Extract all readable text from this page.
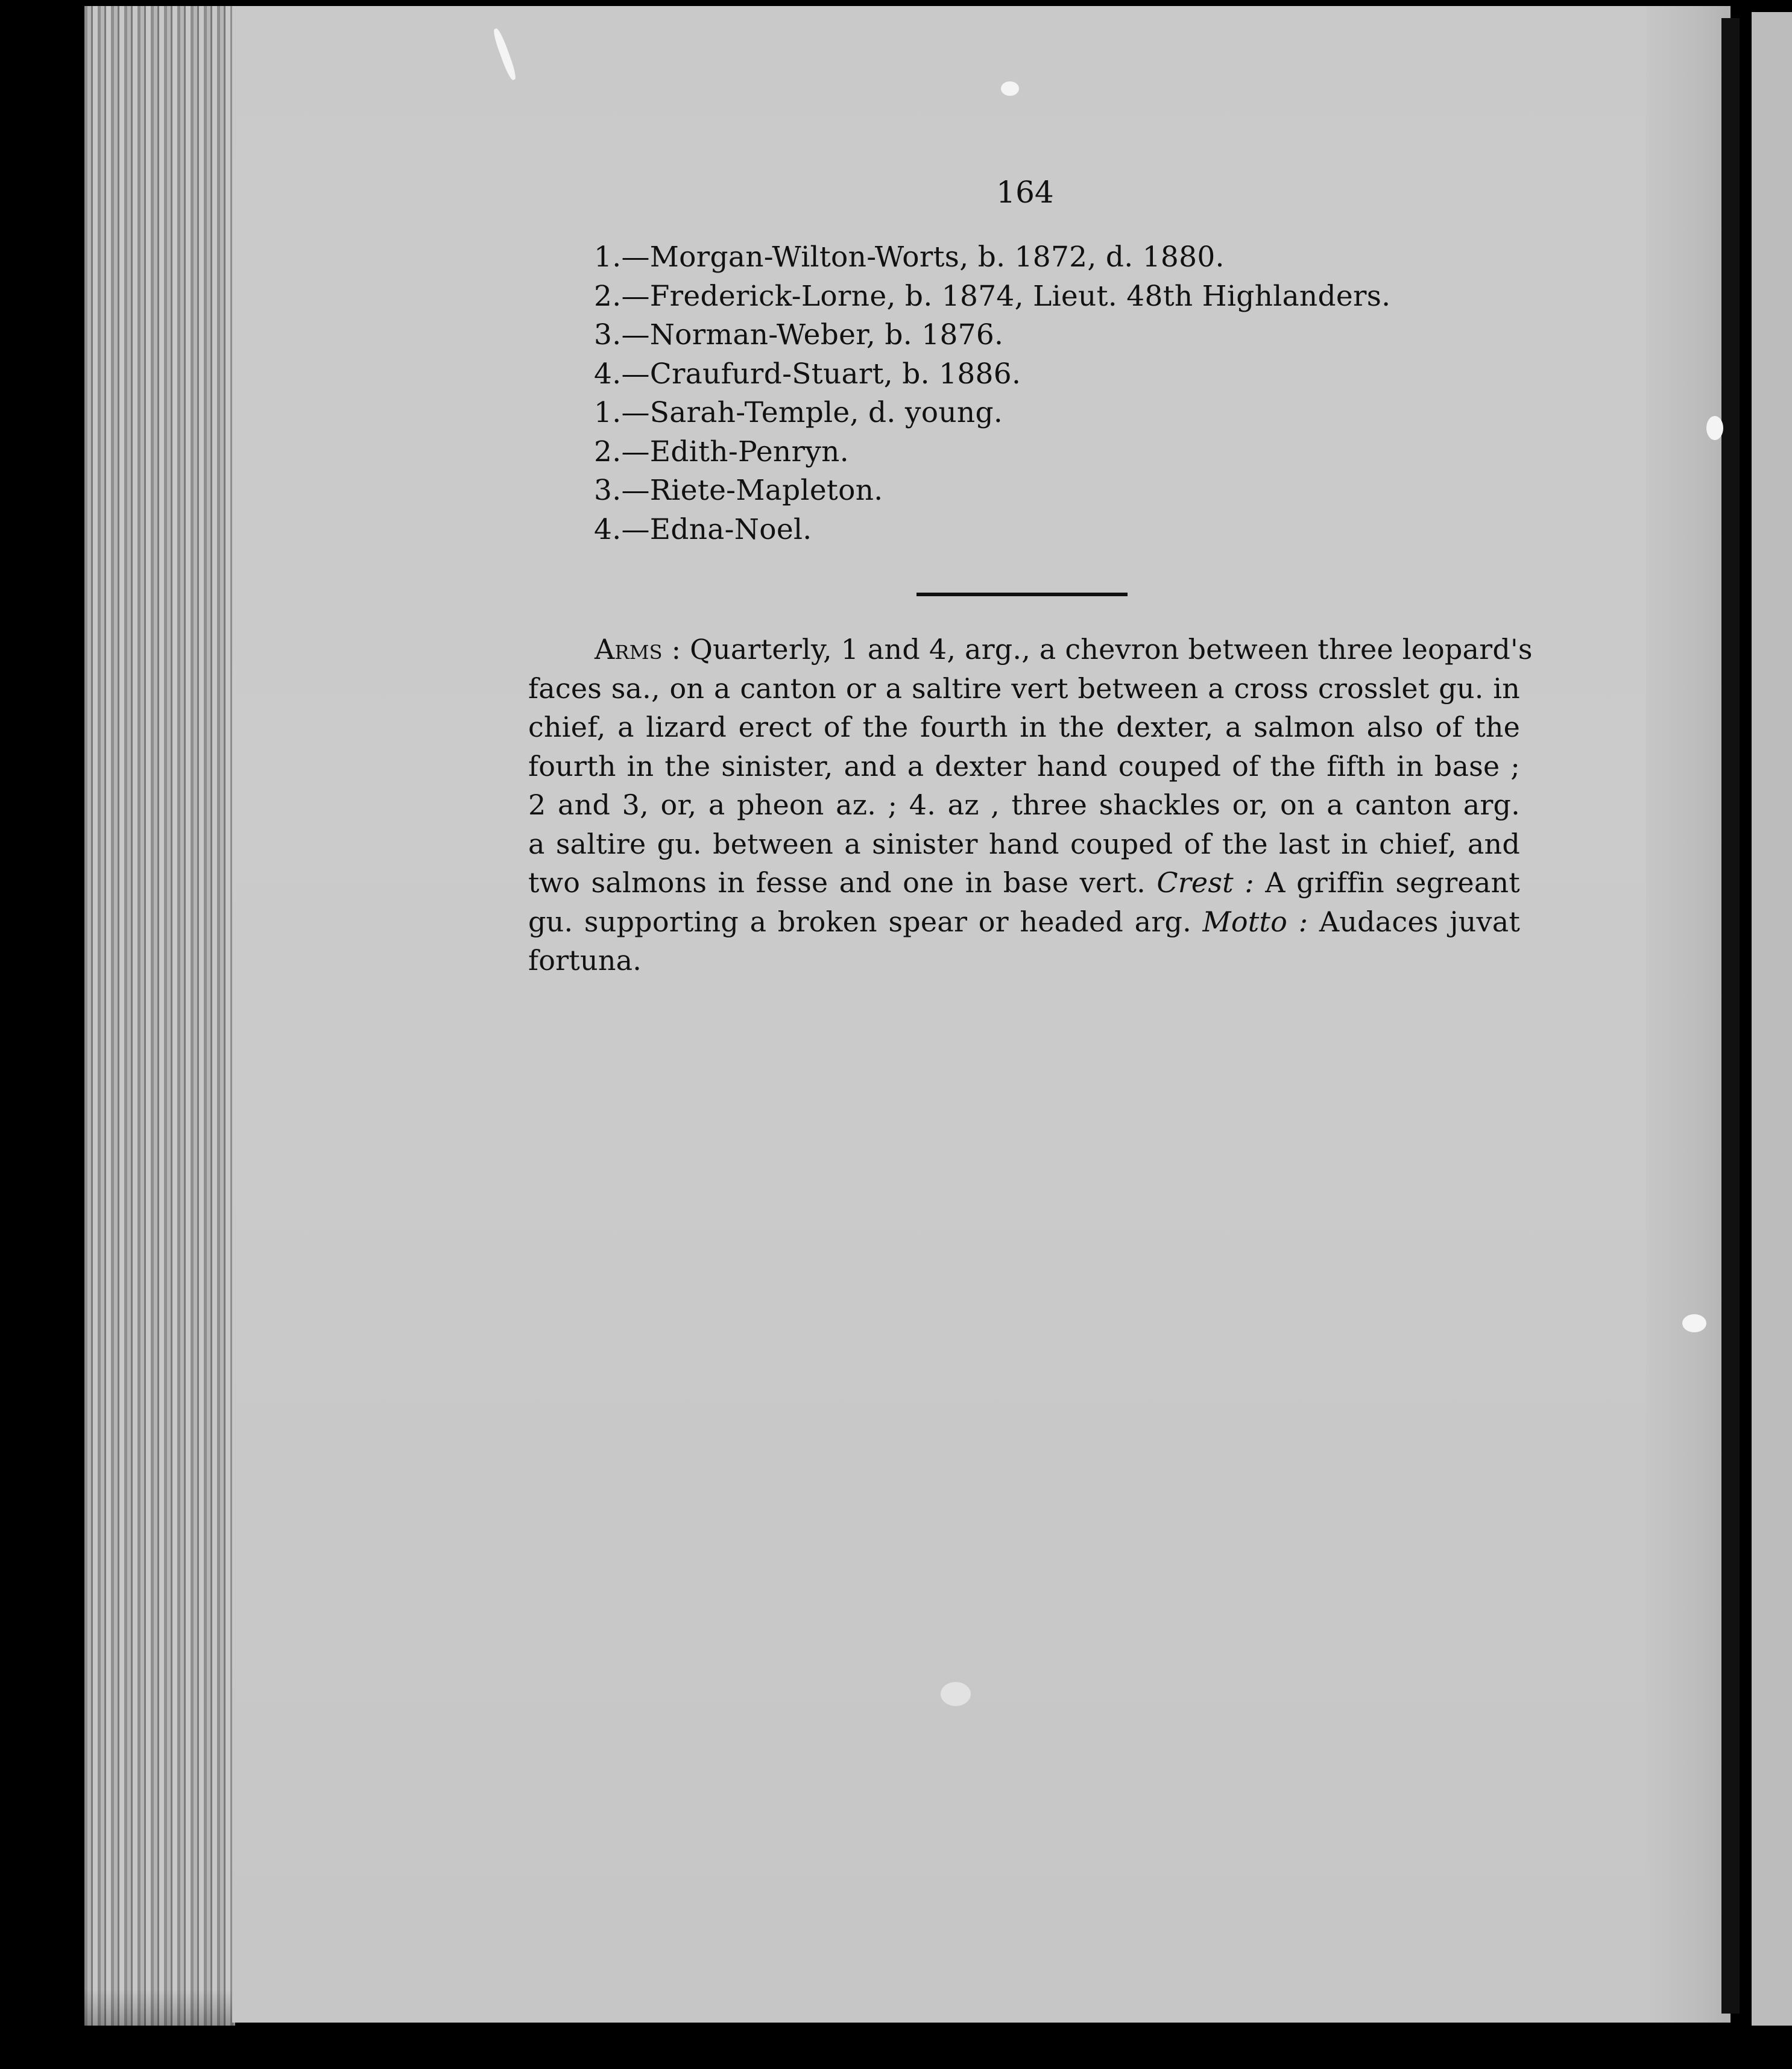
164
1.—Morgan-Wilton-Worts, b. 1872, d. 1880.
2.—Frederick-Lorne, b. 1874, Lieut. 48th Highlanders.
3.—Norman-Weber, b. 1876.
4.—Craufurd-Stuart, b. 1886.
1.—Sarah-Temple, d. young.
2.—Edith-Penryn.
3.—Riete-Mapleton.
4.—Edna-Noel.
Arms : Quarterly, 1 and 4, arg., a chevron between three leopard's
faces sa., on a canton or a saltire vert between a cross crosslet gu. in
chief, a lizard erect of the fourth in the dexter, a salmon also of the
fourth in the sinister, and a dexter hand couped of the fifth in base ;
2 and 3, or, a pheon az. ; 4. az , three shackles or, on a canton arg.
a saltire gu. between a sinister hand couped of the last in chief, and
two salmons in fesse and one in base vert. Crest : A griffin segreant
gu. supporting a broken spear or headed arg. Motto : Audaces juvat
fortuna.
